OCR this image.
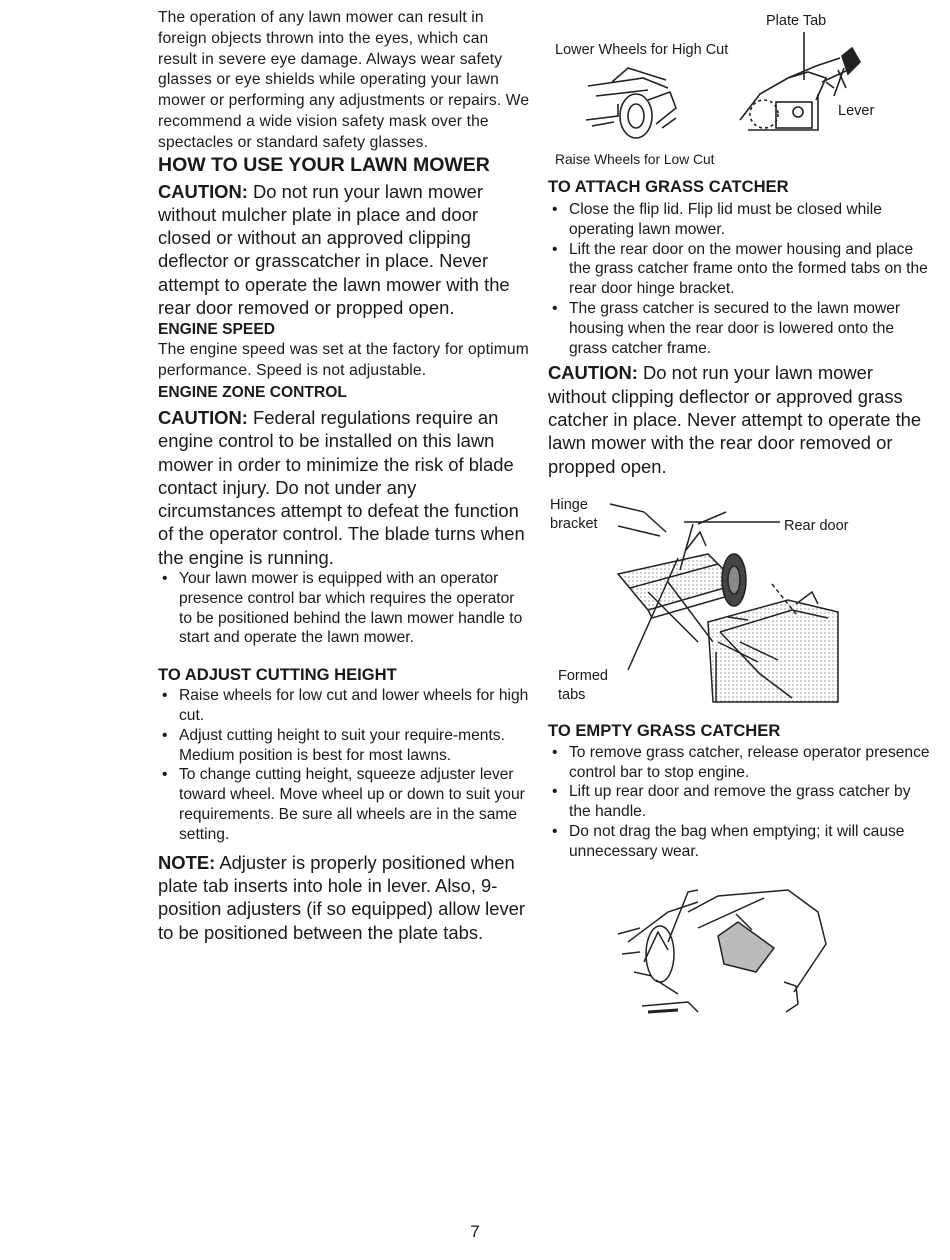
The operation of any lawn mower can result in foreign objects thrown into the eyes, which can result in severe eye damage. Always wear safety glasses or eye shields while operating your lawn mower or performing any adjustments or repairs. We recommend a wide vision safety mask over the spectacles or standard safety glasses.

HOW TO USE YOUR LAWN MOWER

CAUTION: Do not run your lawn mower without mulcher plate in place and door closed or without an approved clipping deflector or grasscatcher in place. Never attempt to operate the lawn mower with the rear door removed or propped open.

ENGINE SPEED

The engine speed was set at the factory for optimum performance. Speed is not adjustable.

ENGINE ZONE CONTROL

CAUTION: Federal regulations require an engine control to be installed on this lawn mower in order to minimize the risk of blade contact injury. Do not under any circumstances attempt to defeat the function of the operator control. The blade turns when the engine is running.

• Your lawn mower is equipped with an operator presence control bar which requires the operator to be positioned behind the lawn mower handle to start and operate the lawn mower.

TO ADJUST CUTTING HEIGHT

• Raise wheels for low cut and lower wheels for high cut.
• Adjust cutting height to suit your require-ments. Medium position is best for most lawns.
• To change cutting height, squeeze adjuster lever toward wheel. Move wheel up or down to suit your requirements. Be sure all wheels are in the same setting.

NOTE: Adjuster is properly positioned when plate tab inserts into hole in lever. Also, 9-position adjusters (if so equipped) allow lever to be positioned between the plate tabs.

Plate Tab
Lower Wheels for High Cut
Lever
Raise Wheels for Low Cut

TO ATTACH GRASS CATCHER

• Close the flip lid. Flip lid must be closed while operating lawn mower.
• Lift the rear door on the mower housing and place the grass catcher frame onto the formed tabs on the rear door hinge bracket.
• The grass catcher is secured to the lawn mower housing when the rear door is lowered onto the grass catcher frame.

CAUTION: Do not run your lawn mower without clipping deflector or approved grass catcher in place. Never attempt to operate the lawn mower with the rear door removed or propped open.

Hinge
bracket	Rear door
Formed
tabs

TO EMPTY GRASS CATCHER

• To remove grass catcher, release operator presence control bar to stop engine.
• Lift up rear door and remove the grass catcher by the handle.
• Do not drag the bag when emptying; it will cause unnecessary wear.
7
